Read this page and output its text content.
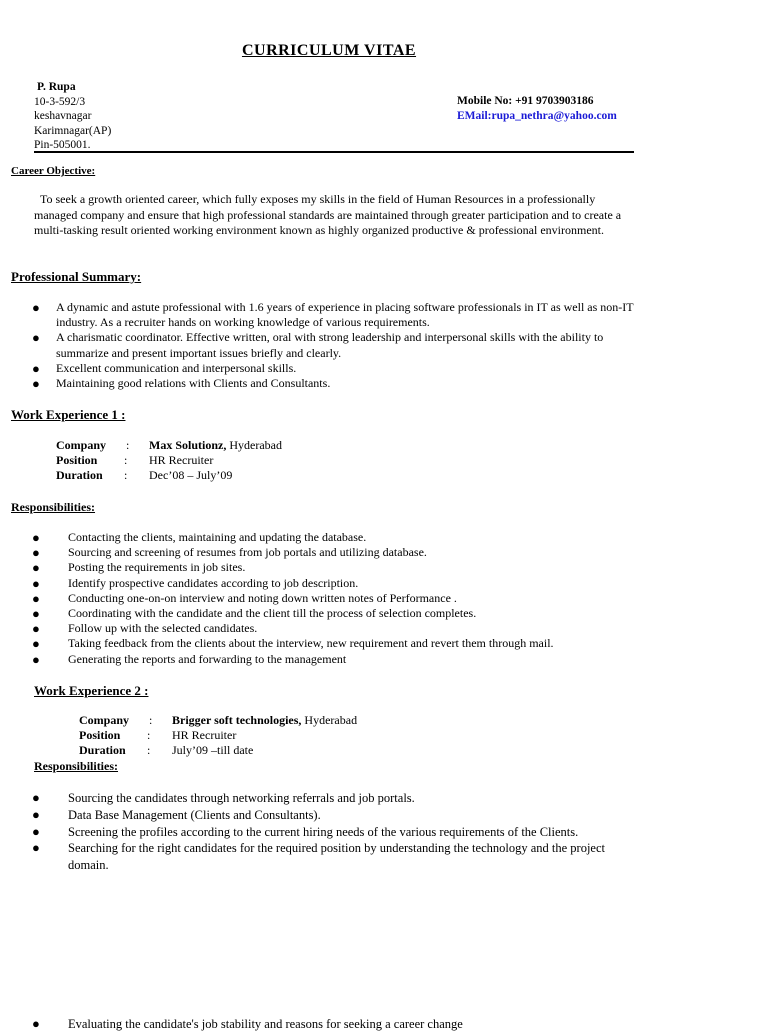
CURRICULUM VITAE
P. Rupa
10-3-592/3
keshavnagar
Karimnagar(AP)
Pin-505001.
Mobile No: +91 9703903186
EMail:rupa_nethra@yahoo.com
Career Objective:
To seek a growth oriented career, which fully exposes my skills in the field of Human Resources in a professionally managed company and ensure that high professional standards are maintained through greater participation and to create a multi-tasking result oriented working environment known as highly organized productive & professional environment.
Professional Summary:
● A dynamic and astute professional with 1.6 years of experience in placing software professionals in IT as well as non-IT industry. As a recruiter hands on working knowledge of various requirements.
● A charismatic coordinator. Effective written, oral with strong leadership and interpersonal skills with the ability to summarize and present important issues briefly and clearly.
● Excellent communication and interpersonal skills.
● Maintaining good relations with Clients and Consultants.
Work Experience 1 :
Company : Max Solutionz, Hyderabad
Position : HR Recruiter
Duration : Dec’08 – July’09
Responsibilities:
● Contacting the clients, maintaining and updating the database.
● Sourcing and screening of resumes from job portals and utilizing database.
● Posting the requirements in job sites.
● Identify prospective candidates according to job description.
● Conducting one-on-on interview and noting down written notes of Performance .
● Coordinating with the candidate and the client till the process of selection completes.
● Follow up with the selected candidates.
● Taking feedback from the clients about the interview, new requirement and revert them through mail.
● Generating the reports and forwarding to the management
Work Experience 2 :
Company : Brigger soft technologies, Hyderabad
Position : HR Recruiter
Duration : July’09 –till date
Responsibilities:
● Sourcing the candidates through networking referrals and job portals.
● Data Base Management (Clients and Consultants).
● Screening the profiles according to the current hiring needs of the various requirements of the Clients.
● Searching for the right candidates for the required position by understanding the technology and the project domain.
● Evaluating the candidate's job stability and reasons for seeking a career change
